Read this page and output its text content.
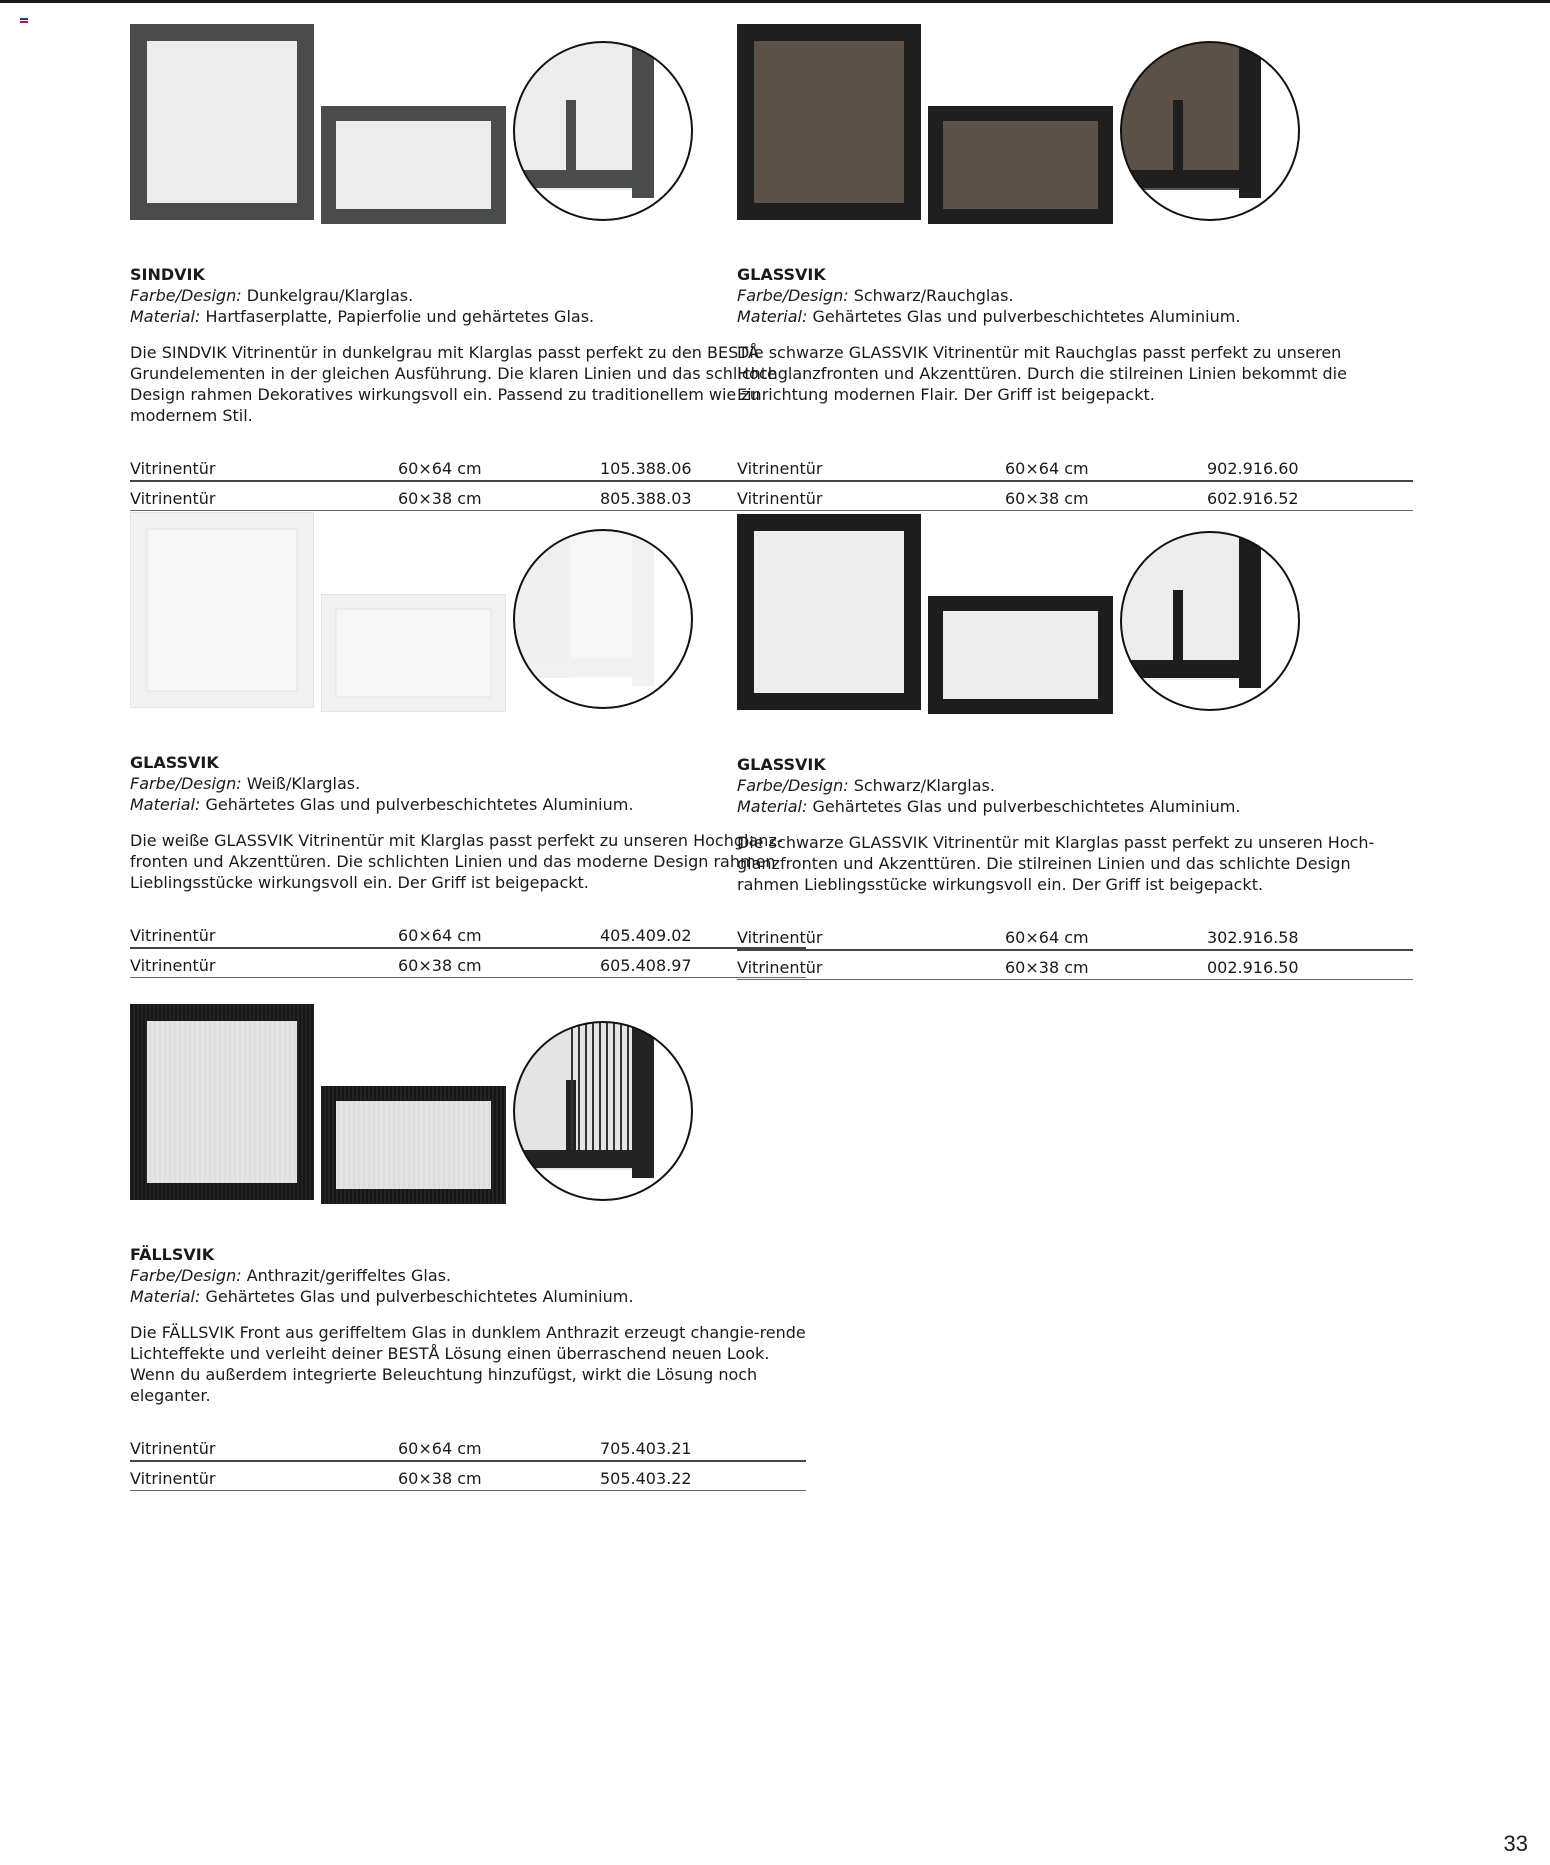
SINDVIK
Farbe/Design: Dunkelgrau/Klarglas.
Material: Hartfaserplatte, Papierfolie und gehärtetes Glas.
Die SINDVIK Vitrinentür in dunkelgrau mit Klarglas passt perfekt zu den BESTÅ Grundelementen in der gleichen Ausführung. Die klaren Linien und das schlichte Design rahmen Dekoratives wirkungsvoll ein. Passend zu traditionellem wie zu modernem Stil.
Vitrinentür	60×64 cm	105.388.06
Vitrinentür	60×38 cm	805.388.03
GLASSVIK
Farbe/Design: Schwarz/Rauchglas.
Material: Gehärtetes Glas und pulverbeschichtetes Aluminium.
Die schwarze GLASSVIK Vitrinentür mit Rauchglas passt perfekt zu unseren Hochglanzfronten und Akzenttüren. Durch die stilreinen Linien bekommt die Einrichtung modernen Flair. Der Griff ist beigepackt.
Vitrinentür	60×64 cm	902.916.60
Vitrinentür	60×38 cm	602.916.52
GLASSVIK
Farbe/Design: Weiß/Klarglas.
Material: Gehärtetes Glas und pulverbeschichtetes Aluminium.
Die weiße GLASSVIK Vitrinentür mit Klarglas passt perfekt zu unseren Hochglanz-fronten und Akzenttüren. Die schlichten Linien und das moderne Design rahmen Lieblingsstücke wirkungsvoll ein. Der Griff ist beigepackt.
Vitrinentür	60×64 cm	405.409.02
Vitrinentür	60×38 cm	605.408.97
GLASSVIK
Farbe/Design: Schwarz/Klarglas.
Material: Gehärtetes Glas und pulverbeschichtetes Aluminium.
Die schwarze GLASSVIK Vitrinentür mit Klarglas passt perfekt zu unseren Hoch-glanzfronten und Akzenttüren. Die stilreinen Linien und das schlichte Design rahmen Lieblingsstücke wirkungsvoll ein. Der Griff ist beigepackt.
Vitrinentür	60×64 cm	302.916.58
Vitrinentür	60×38 cm	002.916.50
FÄLLSVIK
Farbe/Design: Anthrazit/geriffeltes Glas.
Material: Gehärtetes Glas und pulverbeschichtetes Aluminium.
Die FÄLLSVIK Front aus geriffeltem Glas in dunklem Anthrazit erzeugt changie-rende Lichteffekte und verleiht deiner BESTÅ Lösung einen überraschend neuen Look. Wenn du außerdem integrierte Beleuchtung hinzufügst, wirkt die Lösung noch eleganter.
Vitrinentür	60×64 cm	705.403.21
Vitrinentür	60×38 cm	505.403.22
33
